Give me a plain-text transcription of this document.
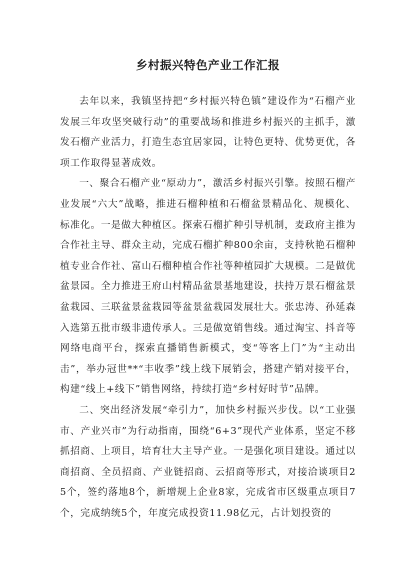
乡村振兴特色产业工作汇报

去年以来，我镇坚持把“乡村振兴特色镇”建设作为“石榴产业发展三年攻坚突破行动”的重要战场和推进乡村振兴的主抓手，激发石榴产业活力，打造生态宜居家园，让特色更特、优势更优，各项工作取得显著成效。

一、聚合石榴产业“原动力”，激活乡村振兴引擎。按照石榴产业发展“六大”战略，推进石榴种植和石榴盆景精品化、规模化、标准化。一是做大种植区。探索石榴扩种引导机制，麦政府主推为合作社主导、群众主动，完成石榴扩种800余亩，支持秋艳石榴种植专业合作社、富山石榴种植合作社等种植园扩大规模。二是做优盆景园。全力推进王府山村精品盆景基地建设，扶持万景石榴盆景盆栽园、三联盆景盆栽园等盆景盆栽园发展壮大。张忠涛、孙延森入选第五批市级非遗传承人。三是做宽销售线。通过淘宝、抖音等网络电商平台，探索直播销售新模式，变“等客上门”为“主动出击”，举办冠世**“丰收季”线上线下展销会，搭建产销对接平台，构建“线上+线下”销售网络，持续打造“乡村好时节”品牌。

二、突出经济发展“牵引力”，加快乡村振兴步伐。以“工业强市、产业兴市”为行动指南，围绕“6+3”现代产业体系，坚定不移抓招商、上项目，培育壮大主导产业。一是强化项目建设。通过以商招商、全员招商、产业链招商、云招商等形式，对接洽谈项目25个，签约落地8个，新增规上企业8家，完成省市区级重点项目7个，完成纳统5个，年度完成投资11.98亿元，占计划投资的
